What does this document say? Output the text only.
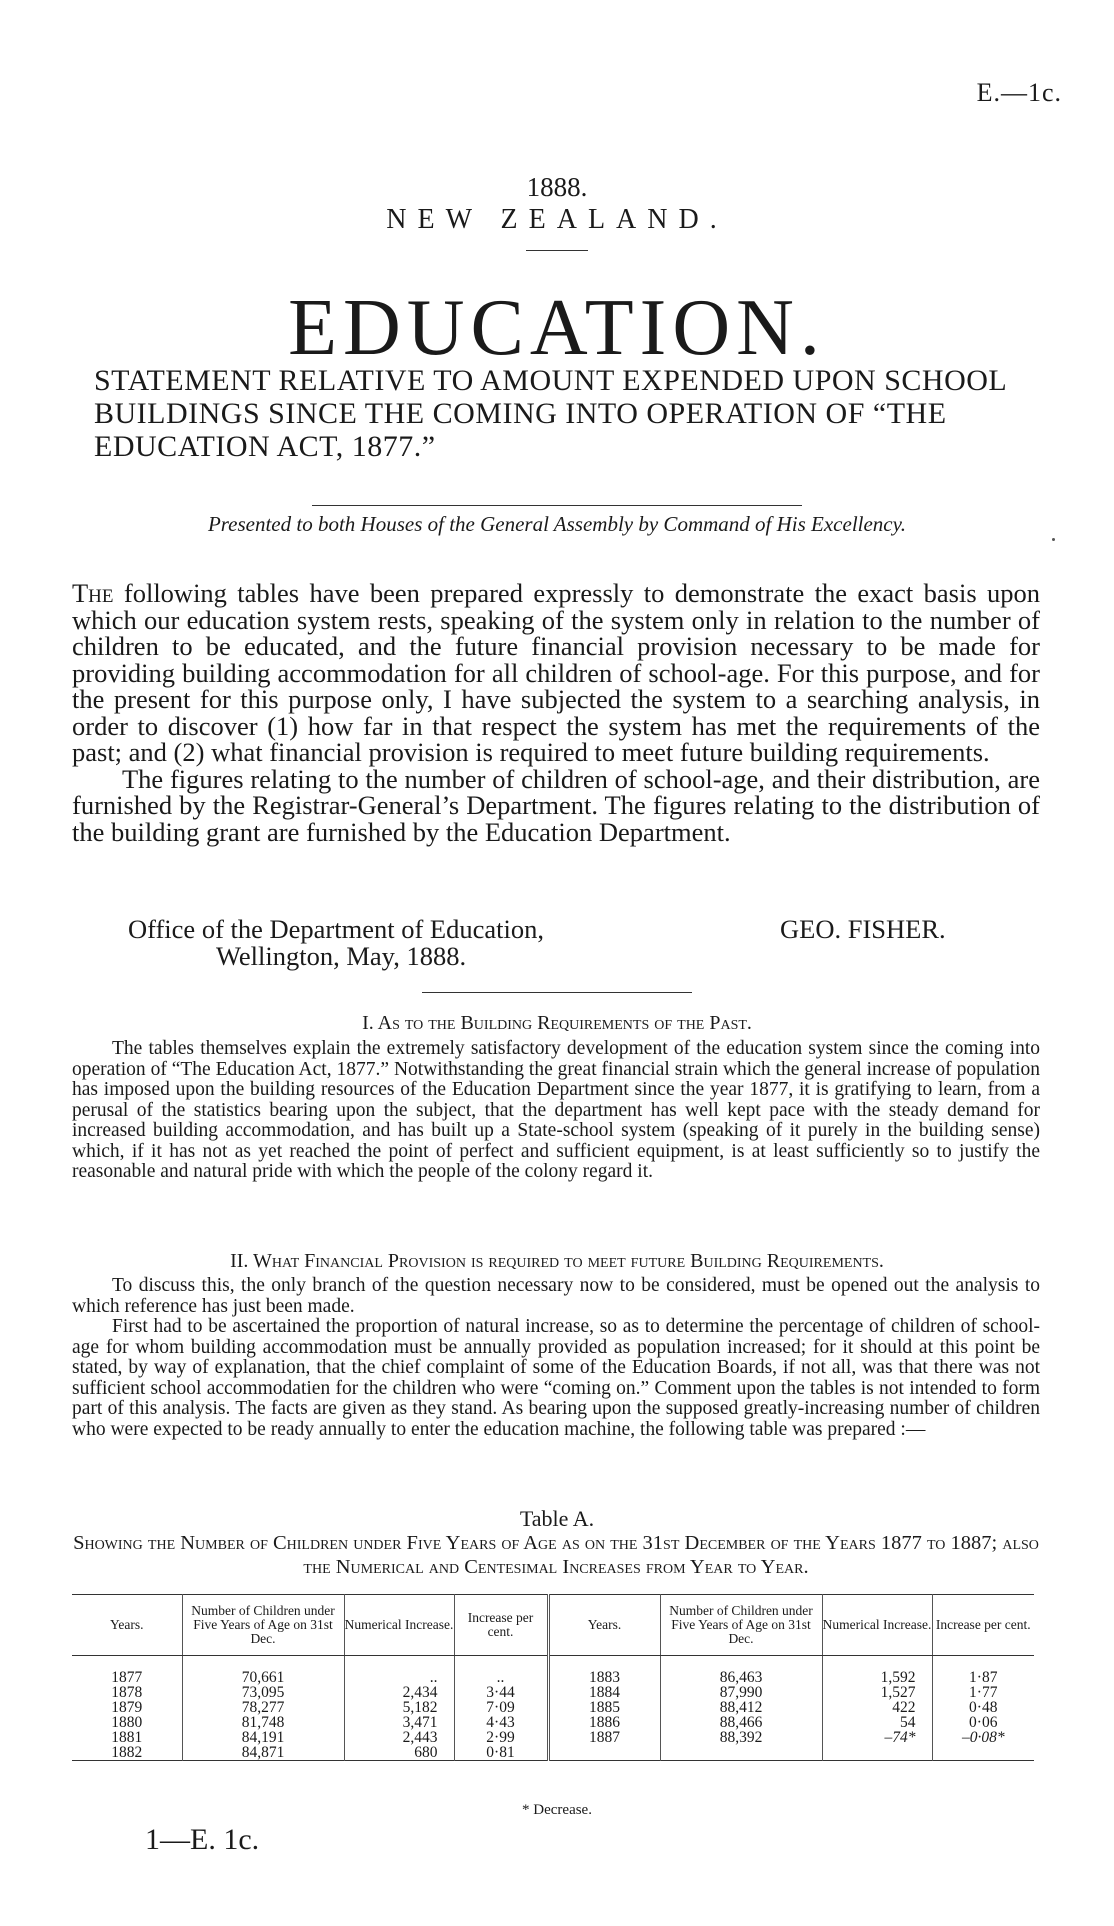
E.—1c.
1888.
NEW ZEALAND.
EDUCATION.
STATEMENT RELATIVE TO AMOUNT EXPENDED UPON SCHOOL BUILDINGS SINCE THE COMING INTO OPERATION OF “THE EDUCATION ACT, 1877.”
Presented to both Houses of the General Assembly by Command of His Excellency.

The following tables have been prepared expressly to demonstrate the exact basis upon which our education system rests, speaking of the system only in relation to the number of children to be educated, and the future financial provision necessary to be made for providing building accommodation for all children of school-age. For this purpose, and for the present for this purpose only, I have subjected the system to a searching analysis, in order to discover (1) how far in that respect the system has met the requirements of the past; and (2) what financial provision is required to meet future building requirements.

The figures relating to the number of children of school-age, and their distribution, are furnished by the Registrar-General’s Department. The figures relating to the distribution of the building grant are furnished by the Education Department.

Office of the Department of Education,	GEO. FISHER.
Wellington, May, 1888.
I. As to the Building Requirements of the Past.

The tables themselves explain the extremely satisfactory development of the education system since the coming into operation of “The Education Act, 1877.” Notwithstanding the great financial strain which the general increase of population has imposed upon the building resources of the Education Department since the year 1877, it is gratifying to learn, from a perusal of the statistics bearing upon the subject, that the department has well kept pace with the steady demand for increased building accommodation, and has built up a State-school system (speaking of it purely in the building sense) which, if it has not as yet reached the point of perfect and sufficient equipment, is at least sufficiently so to justify the reasonable and natural pride with which the people of the colony regard it.

II. What Financial Provision is required to meet future Building Requirements.

To discuss this, the only branch of the question necessary now to be considered, must be opened out the analysis to which reference has just been made.

First had to be ascertained the proportion of natural increase, so as to determine the percentage of children of school-age for whom building accommodation must be annually provided as population increased; for it should at this point be stated, by way of explanation, that the chief complaint of some of the Education Boards, if not all, was that there was not sufficient school accommodatien for the children who were “coming on.” Comment upon the tables is not intended to form part of this analysis. The facts are given as they stand. As bearing upon the supposed greatly-increasing number of children who were expected to be ready annually to enter the education machine, the following table was prepared :—

Table A.
Showing the Number of Children under Five Years of Age as on the 31st December of the Years 1877 to 1887; also the Numerical and Centesimal Increases from Year to Year.
Years.	Number of Children under Five Years of Age on 31st Dec.	Numerical Increase.	Increase per cent.	Years.	Number of Children under Five Years of Age on 31st Dec.	Numerical Increase.	Increase per cent.
1877	70,661	..	..	1883	86,463	1,592	1·87
1878	73,095	2,434	3·44	1884	87,990	1,527	1·77
1879	78,277	5,182	7·09	1885	88,412	422	0·48
1880	81,748	3,471	4·43	1886	88,466	54	0·06
1881	84,191	2,443	2·99	1887	88,392	–74*	–0·08*
1882	84,871	680	0·81				
* Decrease.
1—E. 1c.
